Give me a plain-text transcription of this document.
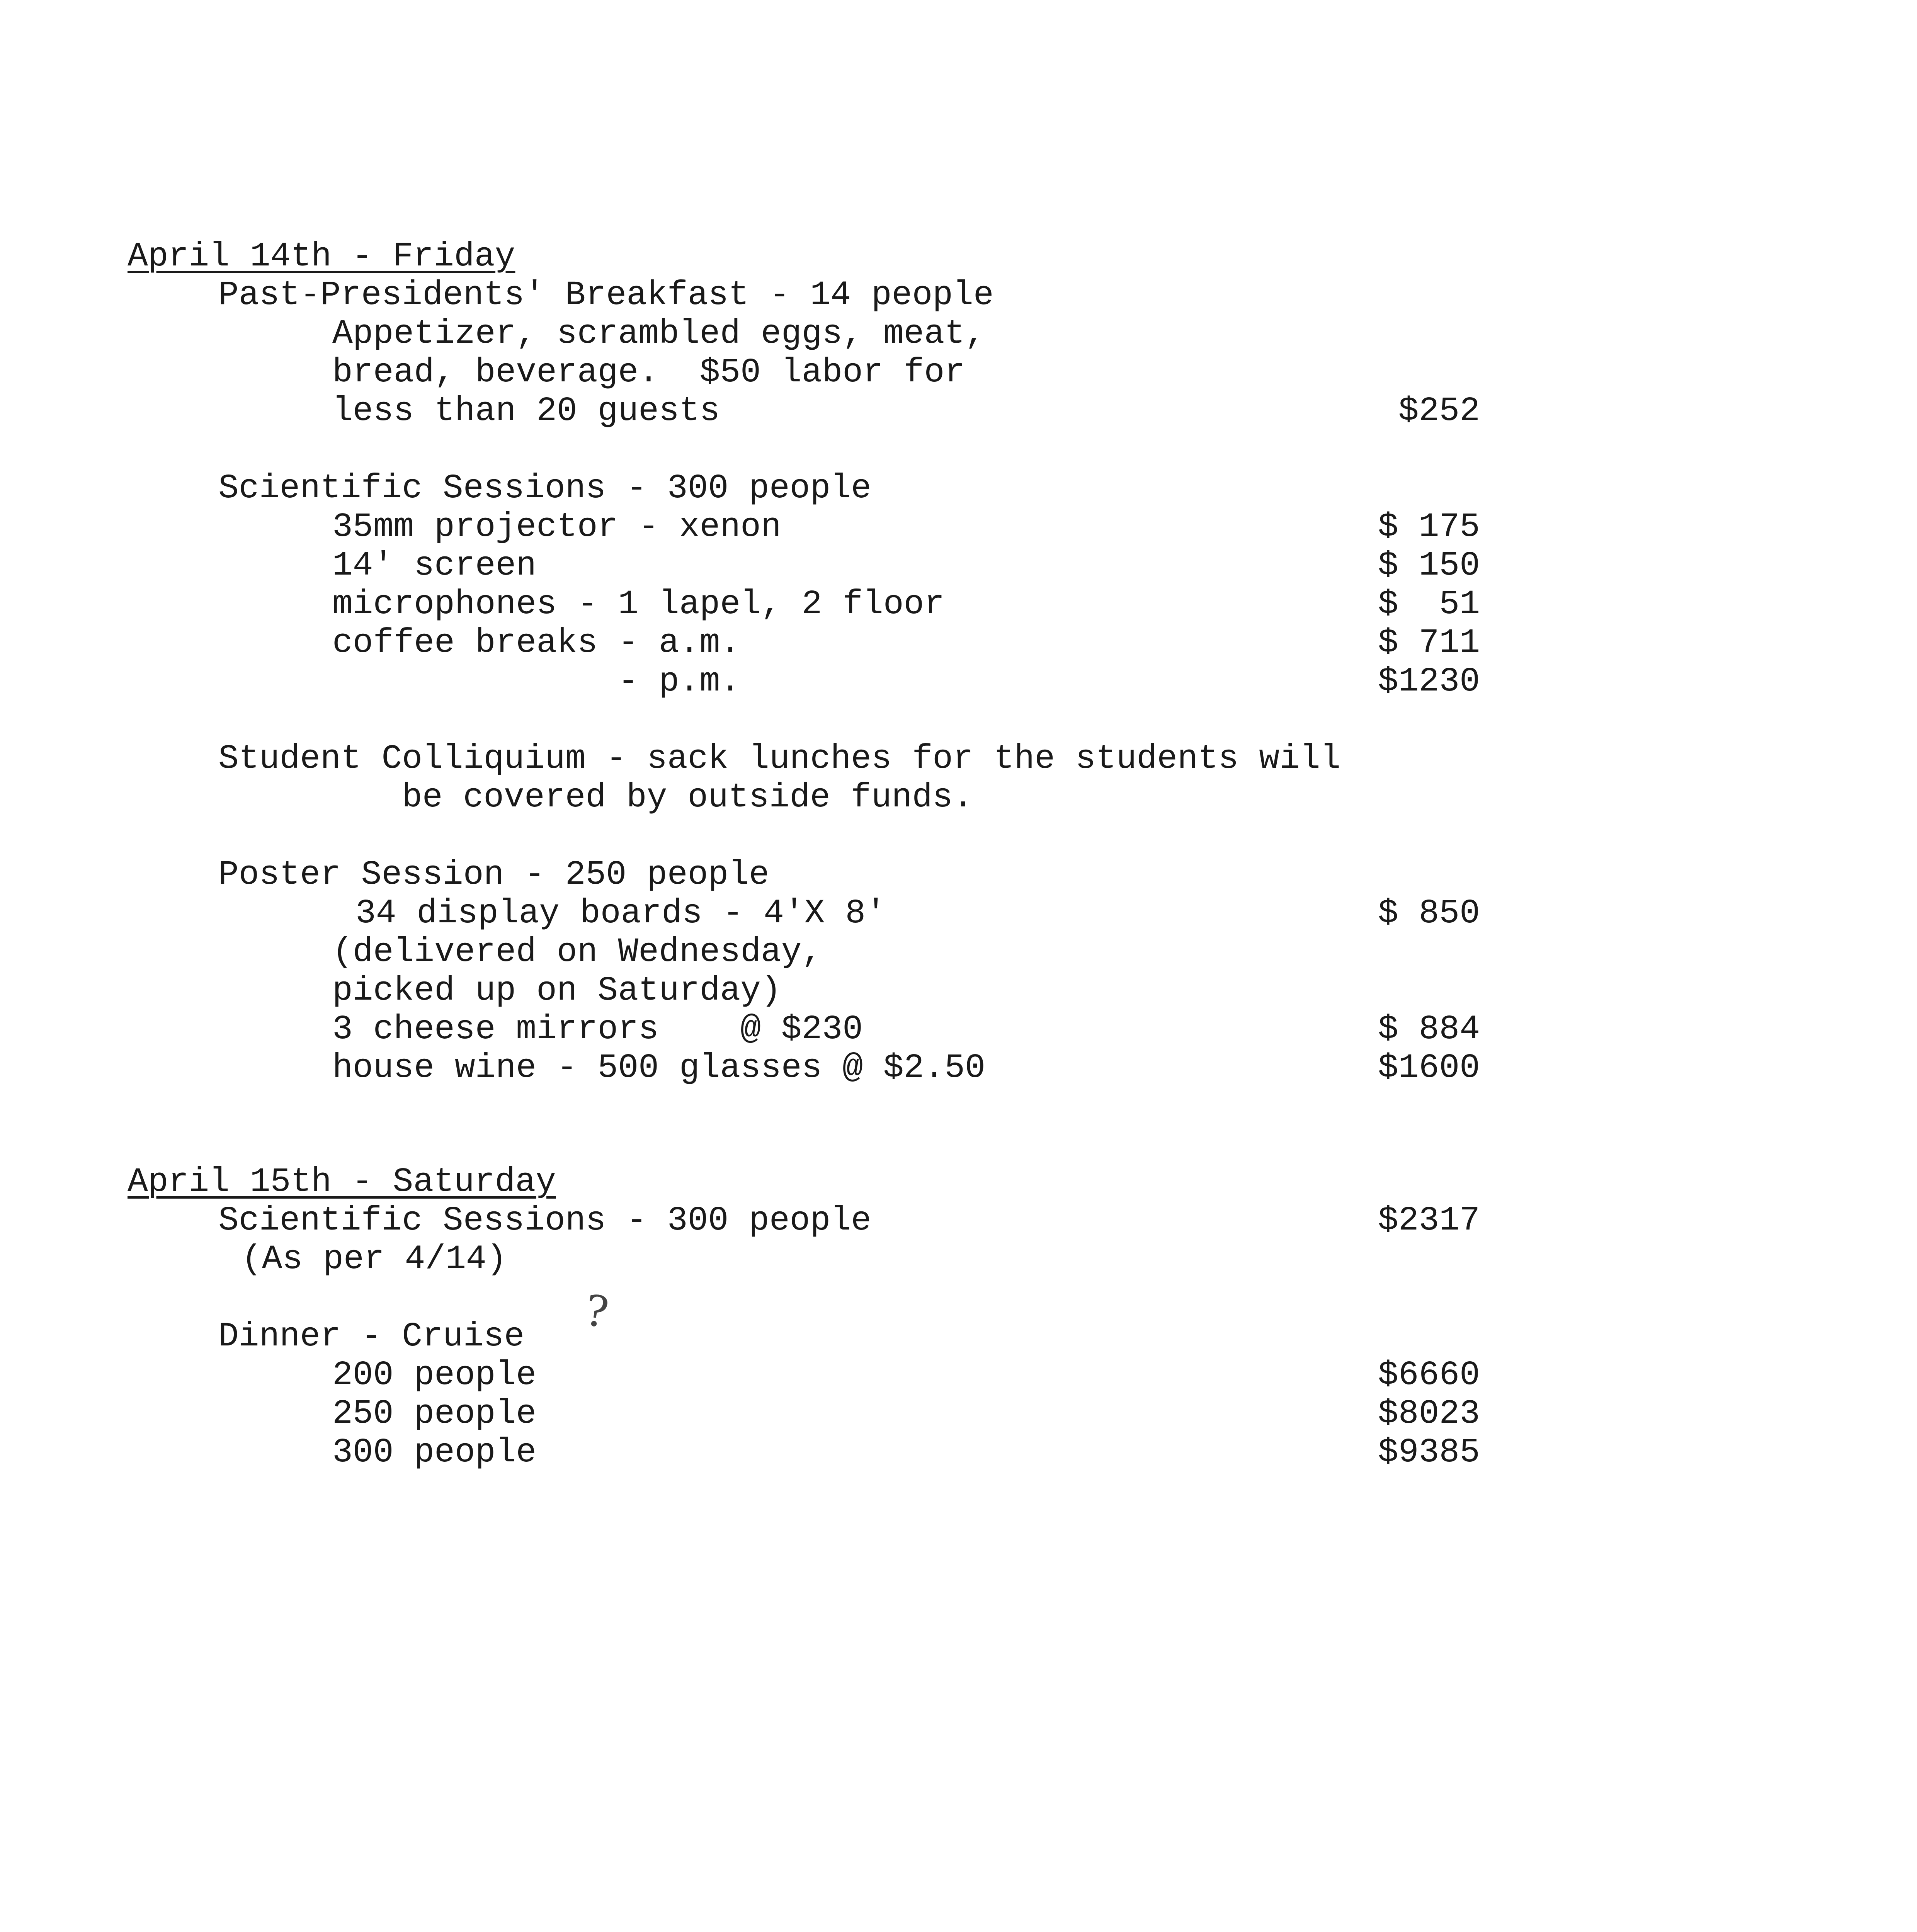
April 14th - Friday
Past-Presidents' Breakfast - 14 people
Appetizer, scrambled eggs, meat,
bread, beverage.  $50 labor for
less than 20 guests	$252
Scientific Sessions - 300 people
35mm projector - xenon	$ 175
14' screen	$ 150
microphones - 1 lapel, 2 floor	$  51
coffee breaks - a.m.	$ 711
- p.m.	$1230
Student Colliquium - sack lunches for the students will
be covered by outside funds.
Poster Session - 250 people
34 display boards - 4'X 8'	$ 850
(delivered on Wednesday,
picked up on Saturday)
3 cheese mirrors    @ $230	$ 884
house wine - 500 glasses @ $2.50	$1600
April 15th - Saturday
Scientific Sessions - 300 people	$2317
(As per 4/14)
Dinner - Cruise ?
200 people	$6660
250 people	$8023
300 people	$9385
